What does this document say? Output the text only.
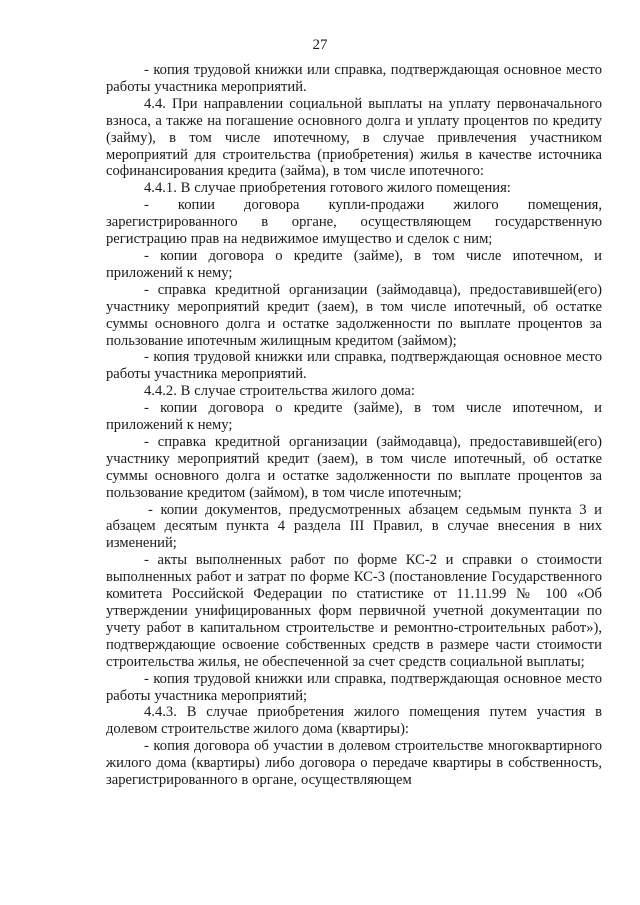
27

- копия трудовой книжки или справка, подтверждающая основное место работы участника мероприятий.

4.4. При направлении социальной выплаты на уплату первоначального взноса, а также на погашение основного долга и уплату процентов по кредиту (займу), в том числе ипотечному, в случае привлечения участником мероприятий для строительства (приобретения) жилья в качестве источника софинансирования кредита (займа), в том числе ипотечного:

4.4.1. В случае приобретения готового жилого помещения:

- копии договора купли-продажи жилого помещения, зарегистрированного в органе, осуществляющем государственную регистрацию прав на недвижимое имущество и сделок с ним;

- копии договора о кредите (займе), в том числе ипотечном, и приложений к нему;

- справка кредитной организации (займодавца), предоставившей(его) участнику мероприятий кредит (заем), в том числе ипотечный, об остатке суммы основного долга и остатке задолженности по выплате процентов за пользование ипотечным жилищным кредитом (займом);

- копия трудовой книжки или справка, подтверждающая основное место работы участника мероприятий.

4.4.2. В случае строительства жилого дома:

- копии договора о кредите (займе), в том числе ипотечном, и приложений к нему;

- справка кредитной организации (займодавца), предоставившей(его) участнику мероприятий кредит (заем), в том числе ипотечный, об остатке суммы основного долга и остатке задолженности по выплате процентов за пользование кредитом (займом), в том числе ипотечным;

- копии документов, предусмотренных абзацем седьмым пункта 3 и абзацем десятым пункта 4 раздела III Правил, в случае внесения в них изменений;

- акты выполненных работ по форме КС-2 и справки о стоимости выполненных работ и затрат по форме КС-3 (постановление Государственного комитета Российской Федерации по статистике от 11.11.99 № 100 «Об утверждении унифицированных форм первичной учетной документации по учету работ в капитальном строительстве и ремонтно-строительных работ»), подтверждающие освоение собственных средств в размере части стоимости строительства жилья, не обеспеченной за счет средств социальной выплаты;

- копия трудовой книжки или справка, подтверждающая основное место работы участника мероприятий;

4.4.3. В случае приобретения жилого помещения путем участия в долевом строительстве жилого дома (квартиры):

- копия договора об участии в долевом строительстве многоквартирного жилого дома (квартиры) либо договора о передаче квартиры в собственность, зарегистрированного в органе, осуществляющем
